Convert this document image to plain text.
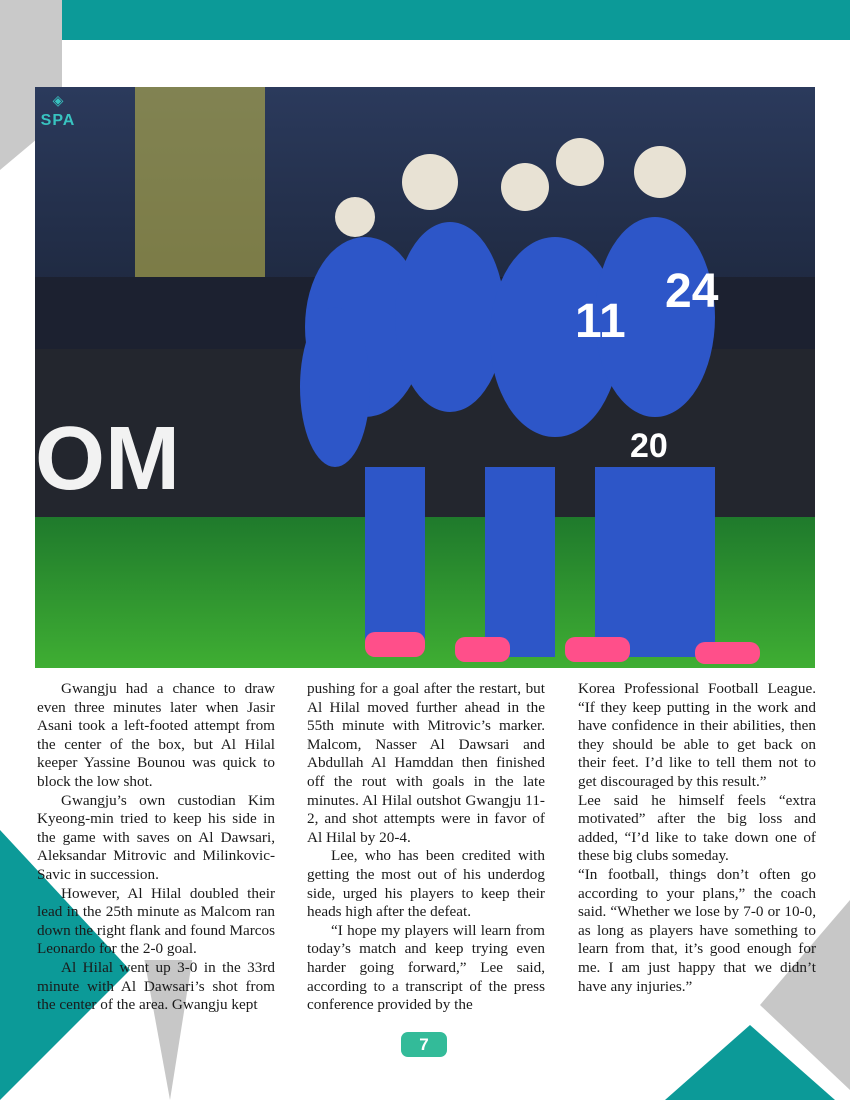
OM
11
20
24
◈
SPA

Gwangju had a chance to draw even three minutes later when Jasir Asani took a left-footed attempt from the center of the box, but Al Hilal keeper Yassine Bounou was quick to block the low shot.

Gwangju’s own custodian Kim Kyeong-min tried to keep his side in the game with saves on Al Dawsari, Aleksandar Mitrovic and Milinkovic-Savic in succession.

However, Al Hilal doubled their lead in the 25th minute as Malcom ran down the right flank and found Marcos Leonardo for the 2-0 goal.

Al Hilal went up 3-0 in the 33rd minute with Al Dawsari’s shot from the center of the area. Gwangju kept

pushing for a goal after the restart, but Al Hilal moved further ahead in the 55th minute with Mitrovic’s marker. Malcom, Nasser Al Dawsari and Abdullah Al Hamddan then finished off the rout with goals in the late minutes. Al Hilal outshot Gwangju 11-2, and shot attempts were in favor of Al Hilal by 20-4.

Lee, who has been credited with getting the most out of his underdog side, urged his players to keep their heads high after the defeat.

“I hope my players will learn from today’s match and keep trying even harder going forward,” Lee said, according to a transcript of the press conference provided by the

Korea Professional Football League. “If they keep putting in the work and have confidence in their abilities, then they should be able to get back on their feet. I’d like to tell them not to get discouraged by this result.”

Lee said he himself feels “extra motivated” after the big loss and added, “I’d like to take down one of these big clubs someday.

“In football, things don’t often go according to your plans,” the coach said. “Whether we lose by 7-0 or 10-0, as long as players have something to learn from that, it’s good enough for me. I am just happy that we didn’t have any injuries.”

7
